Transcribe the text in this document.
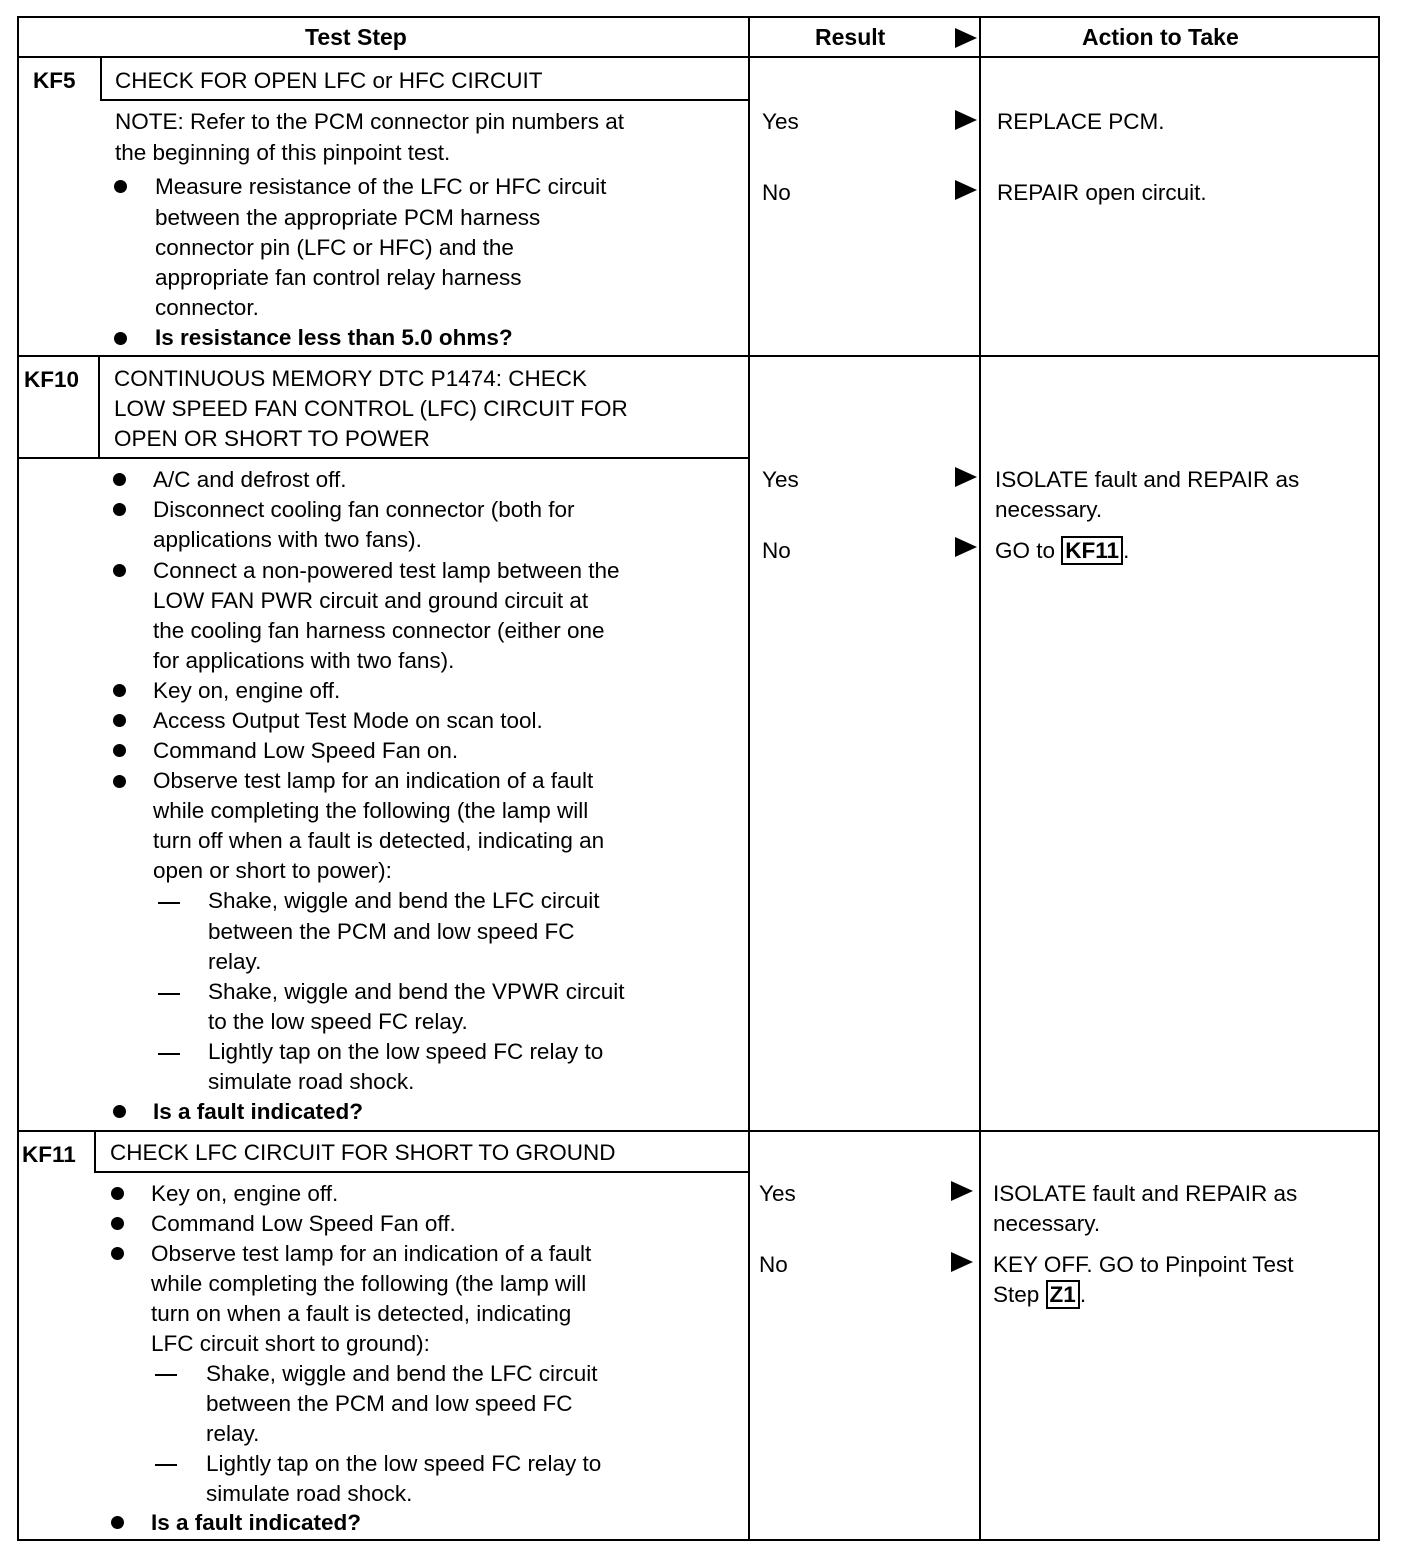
Test Step	Result	Action to Take
KF5 CHECK FOR OPEN LFC or HFC CIRCUIT
NOTE: Refer to the PCM connector pin numbers at
the beginning of this pinpoint test.
Measure resistance of the LFC or HFC circuit
between the appropriate PCM harness
connector pin (LFC or HFC) and the
appropriate fan control relay harness
connector.
Is resistance less than 5.0 ohms?
Yes	REPLACE PCM.
No	REPAIR open circuit.
KF10 CONTINUOUS MEMORY DTC P1474: CHECK
LOW SPEED FAN CONTROL (LFC) CIRCUIT FOR
OPEN OR SHORT TO POWER
A/C and defrost off.
Disconnect cooling fan connector (both for
applications with two fans).
Connect a non-powered test lamp between the
LOW FAN PWR circuit and ground circuit at
the cooling fan harness connector (either one
for applications with two fans).
Key on, engine off.
Access Output Test Mode on scan tool.
Command Low Speed Fan on.
Observe test lamp for an indication of a fault
while completing the following (the lamp will
turn off when a fault is detected, indicating an
open or short to power):
Shake, wiggle and bend the LFC circuit
between the PCM and low speed FC
relay.
Shake, wiggle and bend the VPWR circuit
to the low speed FC relay.
Lightly tap on the low speed FC relay to
simulate road shock.
Is a fault indicated?
Yes	ISOLATE fault and REPAIR as
necessary.
No	GO to KF11 .
KF11 CHECK LFC CIRCUIT FOR SHORT TO GROUND
Key on, engine off.
Command Low Speed Fan off.
Observe test lamp for an indication of a fault
while completing the following (the lamp will
turn on when a fault is detected, indicating
LFC circuit short to ground):
Shake, wiggle and bend the LFC circuit
between the PCM and low speed FC
relay.
Lightly tap on the low speed FC relay to
simulate road shock.
Is a fault indicated?
Yes	ISOLATE fault and REPAIR as
necessary.
No	KEY OFF. GO to Pinpoint Test
Step Z1 .
